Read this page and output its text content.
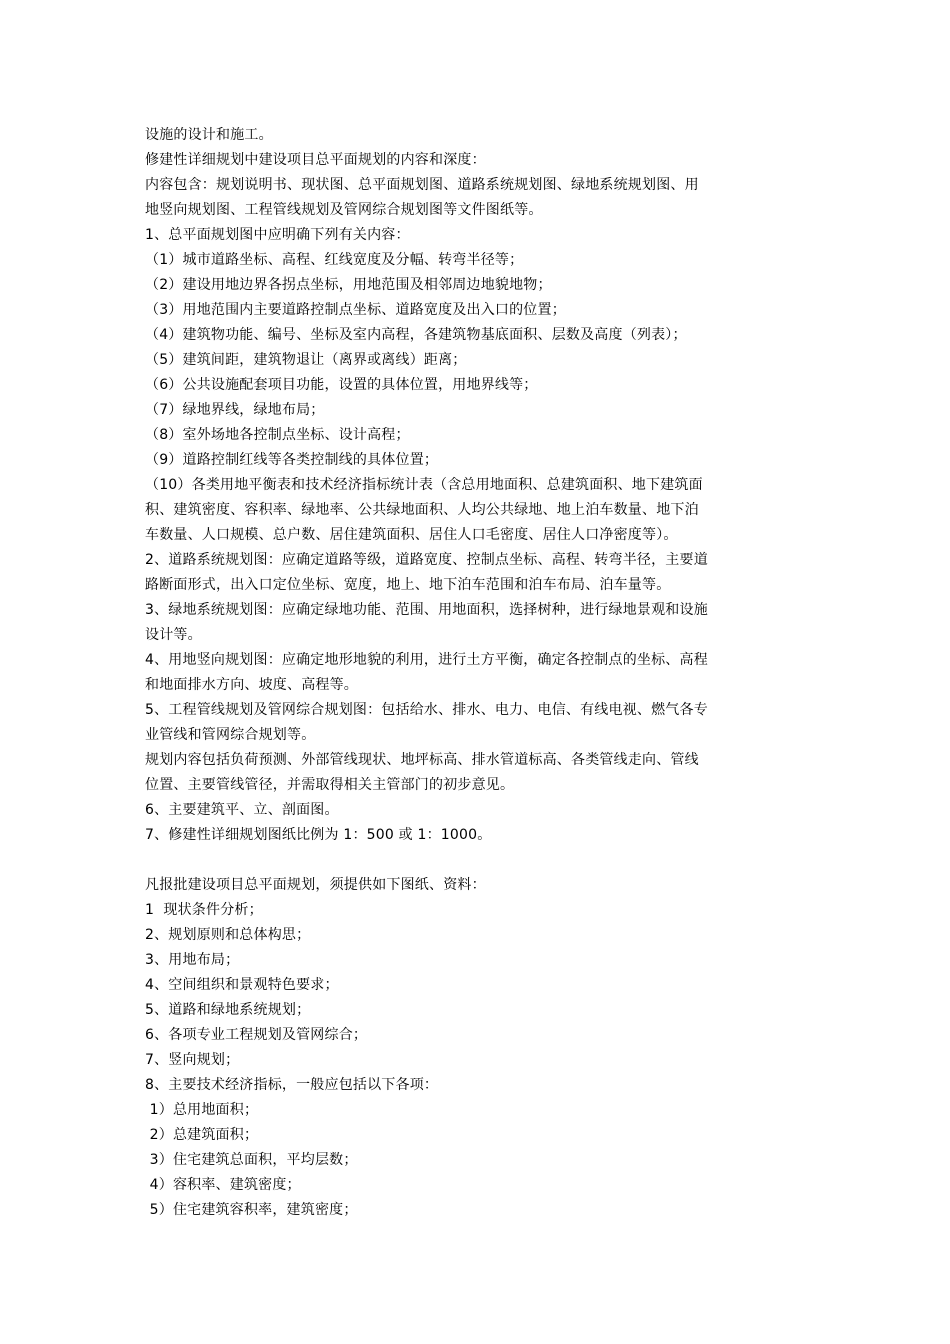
设施的设计和施工。
修建性详细规划中建设项目总平面规划的内容和深度：
内容包含：规划说明书、现状图、总平面规划图、道路系统规划图、绿地系统规划图、用
地竖向规划图、工程管线规划及管网综合规划图等文件图纸等。
1、总平面规划图中应明确下列有关内容：
（1）城市道路坐标、高程、红线宽度及分幅、转弯半径等；
（2）建设用地边界各拐点坐标，用地范围及相邻周边地貌地物；
（3）用地范围内主要道路控制点坐标、道路宽度及出入口的位置；
（4）建筑物功能、编号、坐标及室内高程，各建筑物基底面积、层数及高度（列表）；
（5）建筑间距，建筑物退让（离界或离线）距离；
（6）公共设施配套项目功能，设置的具体位置，用地界线等；
（7）绿地界线，绿地布局；
（8）室外场地各控制点坐标、设计高程；
（9）道路控制红线等各类控制线的具体位置；
（10）各类用地平衡表和技术经济指标统计表（含总用地面积、总建筑面积、地下建筑面
积、建筑密度、容积率、绿地率、公共绿地面积、人均公共绿地、地上泊车数量、地下泊
车数量、人口规模、总户数、居住建筑面积、居住人口毛密度、居住人口净密度等）。
2、道路系统规划图：应确定道路等级，道路宽度、控制点坐标、高程、转弯半径，主要道
路断面形式，出入口定位坐标、宽度，地上、地下泊车范围和泊车布局、泊车量等。
3、绿地系统规划图：应确定绿地功能、范围、用地面积，选择树种，进行绿地景观和设施
设计等。
4、用地竖向规划图：应确定地形地貌的利用，进行土方平衡，确定各控制点的坐标、高程
和地面排水方向、坡度、高程等。
5、工程管线规划及管网综合规划图：包括给水、排水、电力、电信、有线电视、燃气各专
业管线和管网综合规划等。
规划内容包括负荷预测、外部管线现状、地坪标高、排水管道标高、各类管线走向、管线
位置、主要管线管径，并需取得相关主管部门的初步意见。
6、主要建筑平、立、剖面图。
7、修建性详细规划图纸比例为 1：500 或 1：1000。
凡报批建设项目总平面规划，须提供如下图纸、资料：
1  现状条件分析；
2、规划原则和总体构思；
3、用地布局；
4、空间组织和景观特色要求；
5、道路和绿地系统规划；
6、各项专业工程规划及管网综合；
7、竖向规划；
8、主要技术经济指标，一般应包括以下各项：
1）总用地面积；
2）总建筑面积；
3）住宅建筑总面积，平均层数；
4）容积率、建筑密度；
5）住宅建筑容积率，建筑密度；
